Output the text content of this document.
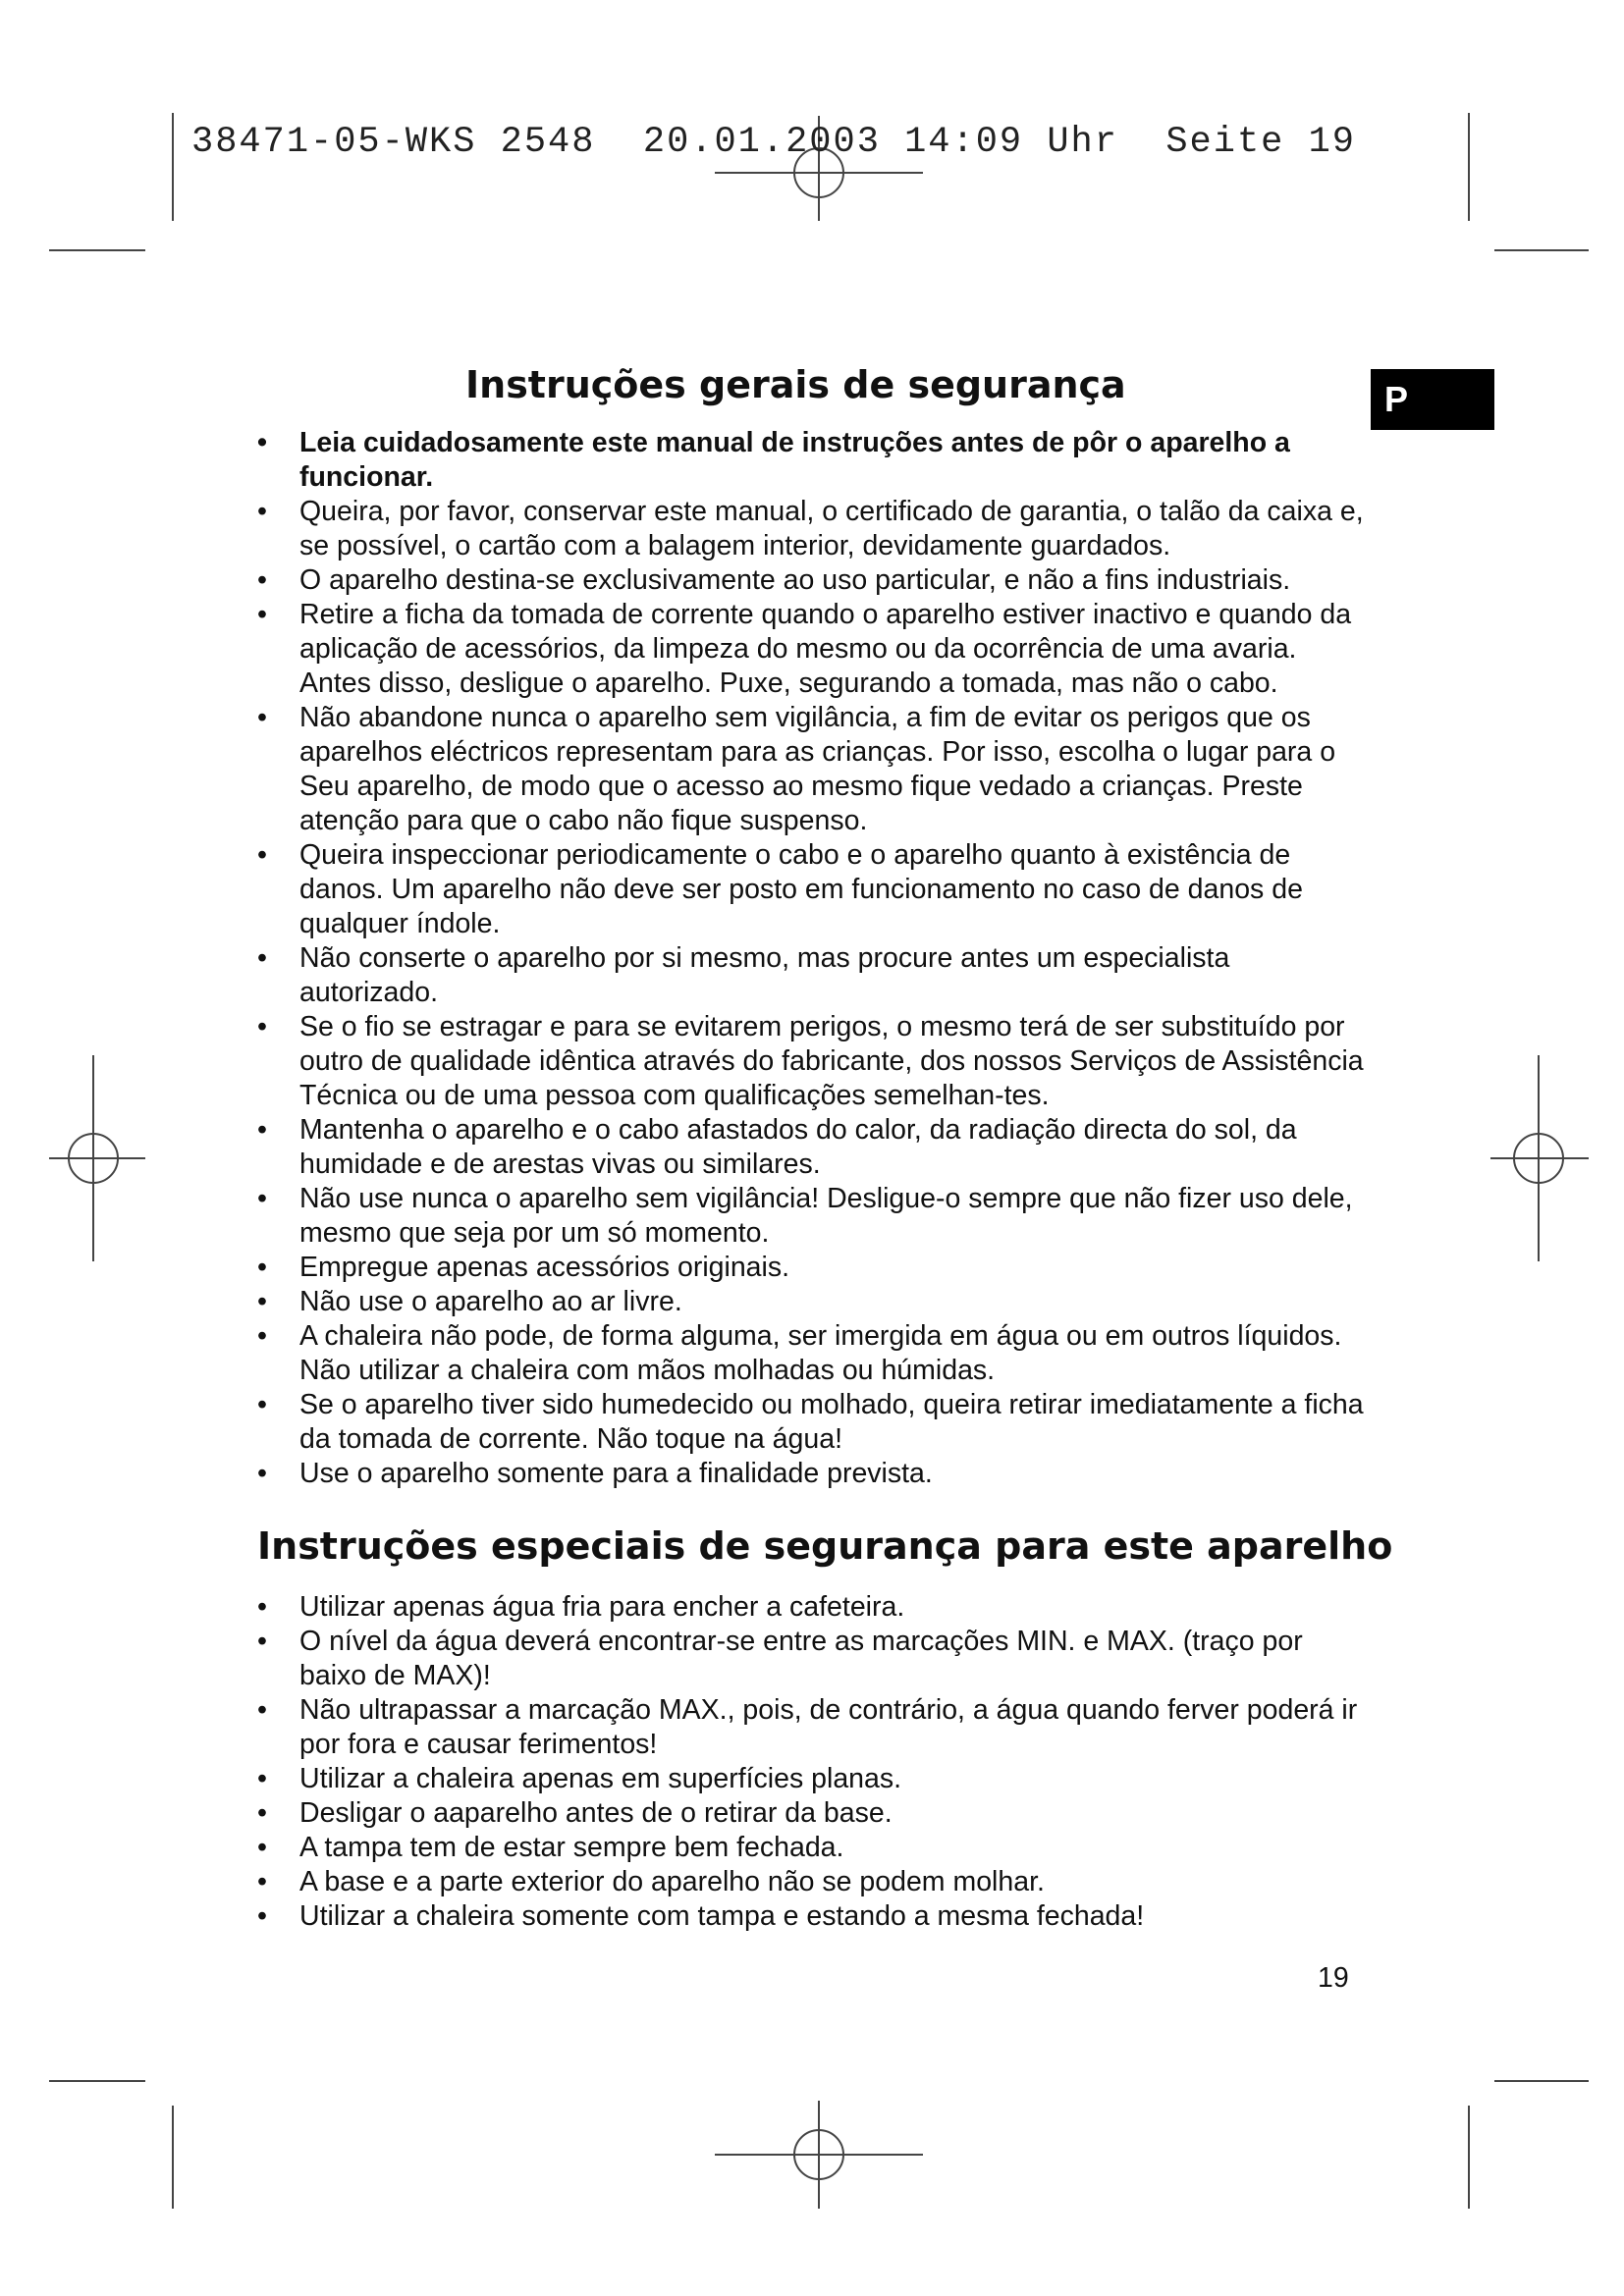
38471-05-WKS 2548  20.01.2003 14:09 Uhr  Seite 19
P
Instruções gerais de segurança
• Leia cuidadosamente este manual de instruções antes de pôr o aparelho a funcionar.
• Queira, por favor, conservar este manual, o certificado de garantia, o talão da caixa e, se possível, o cartão com a balagem interior, devidamente guardados.
• O aparelho destina-se exclusivamente ao uso particular, e não a fins industriais.
• Retire a ficha da tomada de corrente quando o aparelho estiver inactivo e quando da aplicação de acessórios, da limpeza do mesmo ou da ocorrência de uma avaria. Antes disso, desligue o aparelho. Puxe, segurando a tomada, mas não o cabo.
• Não abandone nunca o aparelho sem vigilância, a fim de evitar os perigos que os aparelhos eléctricos representam para as crianças. Por isso, escolha o lugar para o Seu aparelho, de modo que o acesso ao mesmo fique vedado a crianças. Preste atenção para que o cabo não fique suspenso.
• Queira inspeccionar periodicamente o cabo e o aparelho quanto à existência de danos. Um aparelho não deve ser posto em funcionamento no caso de danos de qualquer índole.
• Não conserte o aparelho por si mesmo, mas procure antes um especialista autorizado.
• Se o fio se estragar e para se evitarem perigos, o mesmo terá de ser substituído por outro de qualidade idêntica através do fabricante, dos nossos Serviços de Assistência Técnica ou de uma pessoa com qualificações semelhan-tes.
• Mantenha o aparelho e o cabo afastados do calor, da radiação directa do sol, da humidade e de arestas vivas ou similares.
• Não use nunca o aparelho sem vigilância! Desligue-o sempre que não fizer uso dele, mesmo que seja por um só momento.
• Empregue apenas acessórios originais.
• Não use o aparelho ao ar livre.
• A chaleira não pode, de forma alguma, ser imergida em água ou em outros líquidos. Não utilizar a chaleira com mãos molhadas ou húmidas.
• Se o aparelho tiver sido humedecido ou molhado, queira retirar imediatamente a ficha da tomada de corrente. Não toque na água!
• Use o aparelho somente para a finalidade prevista.
Instruções especiais de segurança para este aparelho
• Utilizar apenas água fria para encher a cafeteira.
• O nível da água deverá encontrar-se entre as marcações MIN. e MAX. (traço por baixo de MAX)!
• Não ultrapassar a marcação MAX., pois, de contrário, a água quando ferver poderá ir por fora e causar ferimentos!
• Utilizar a chaleira apenas em superfícies planas.
• Desligar o aaparelho antes de o retirar da base.
• A tampa tem de estar sempre bem fechada.
• A base e a parte exterior do aparelho não se podem molhar.
• Utilizar a chaleira somente com tampa e estando a mesma fechada!
19
